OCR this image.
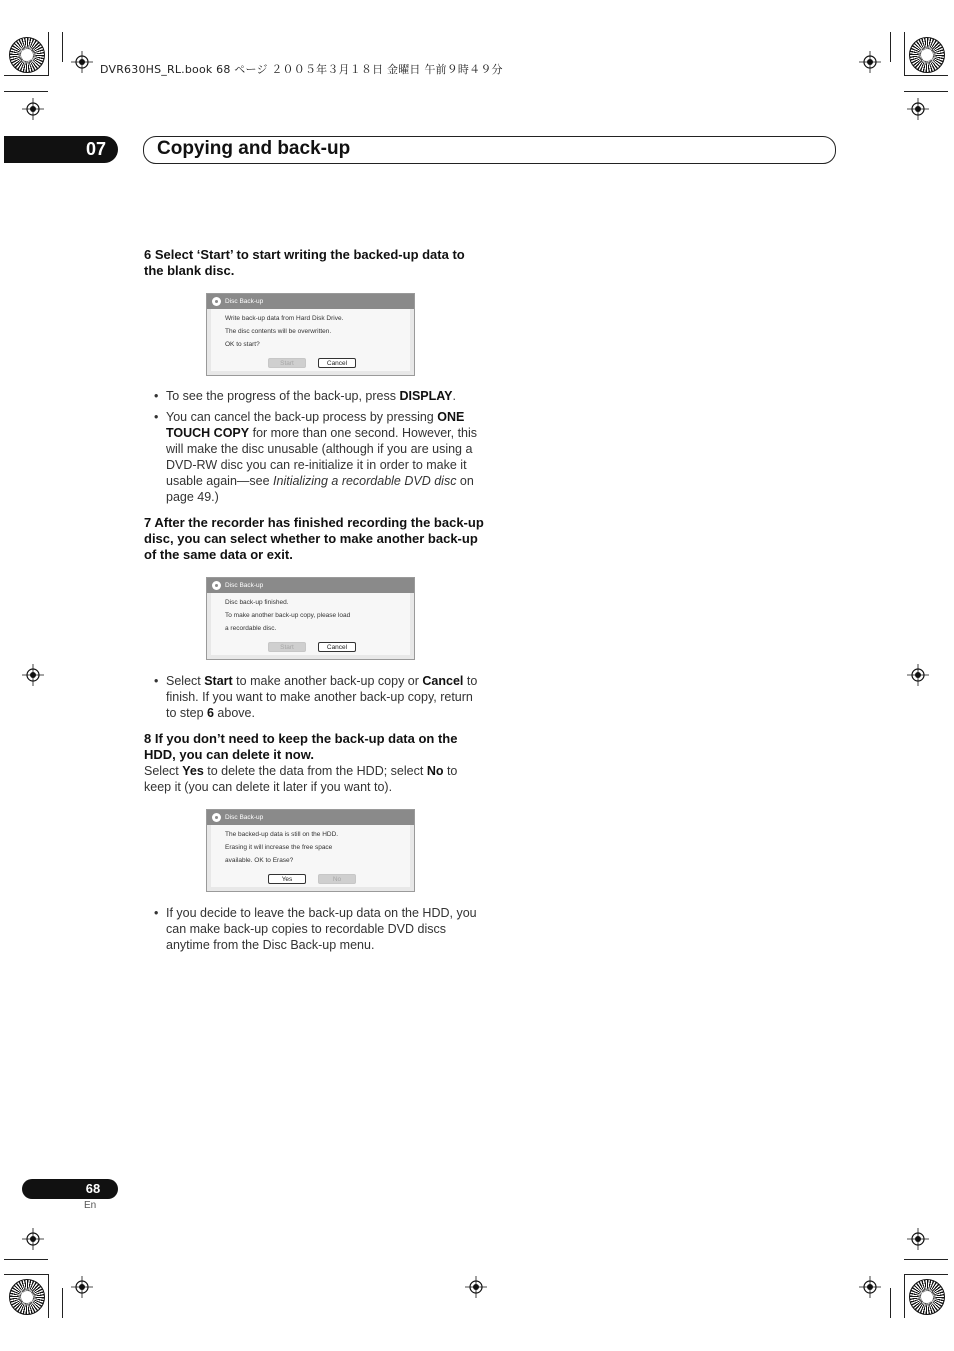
DVR630HS_RL.book 68 ページ ２００５年３月１８日 金曜日 午前９時４９分
07	Copying and back-up
6 Select ‘Start’ to start writing the backed-up data to the blank disc.
Disc Back-up
Write back-up data from Hard Disk Drive.
The disc contents will be overwritten.
OK to start?
Start	Cancel
• To see the progress of the back-up, press DISPLAY.
• You can cancel the back-up process by pressing ONE TOUCH COPY for more than one second. However, this will make the disc unusable (although if you are using a DVD-RW disc you can re-initialize it in order to make it usable again—see Initializing a recordable DVD disc on page 49.)
7 After the recorder has finished recording the back-up disc, you can select whether to make another back-up of the same data or exit.
Disc Back-up
Disc back-up finished.
To make another back-up copy, please load
a recordable disc.
Start	Cancel
• Select Start to make another back-up copy or Cancel to finish. If you want to make another back-up copy, return to step 6 above.
8 If you don’t need to keep the back-up data on the HDD, you can delete it now.
Select Yes to delete the data from the HDD; select No to keep it (you can delete it later if you want to).
Disc Back-up
The backed-up data is still on the HDD.
Erasing it will increase the free space
available. OK to Erase?
Yes	No
• If you decide to leave the back-up data on the HDD, you can make back-up copies to recordable DVD discs anytime from the Disc Back-up menu.
68
En
